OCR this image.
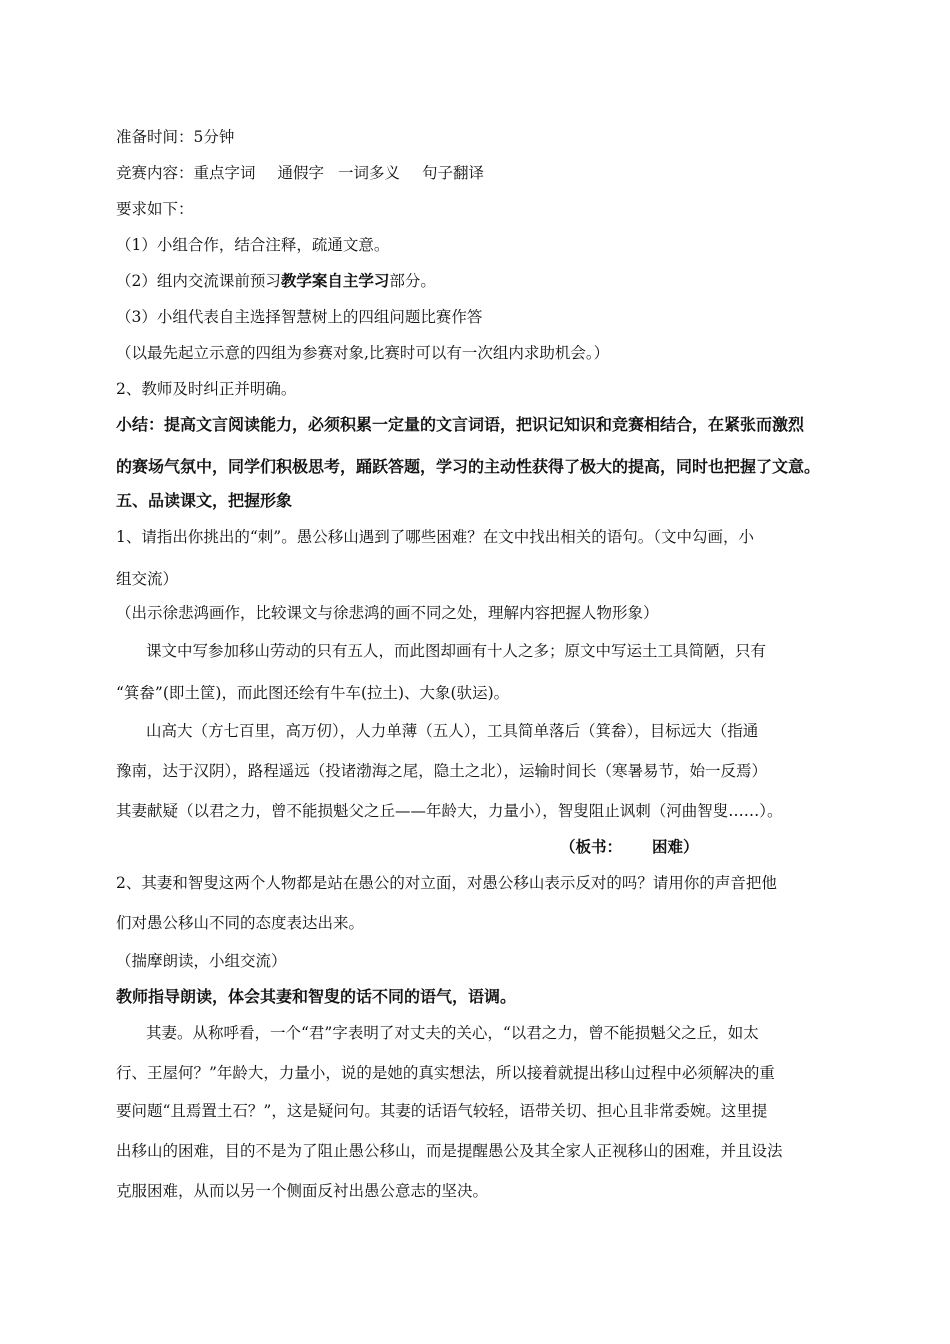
准备时间：5分钟
竞赛内容：重点字词 通假字 一词多义 句子翻译
要求如下：
（1）小组合作，结合注释，疏通文意。
（2）组内交流课前预习教学案自主学习部分。
（3）小组代表自主选择智慧树上的四组问题比赛作答
（以最先起立示意的四组为参赛对象,比赛时可以有一次组内求助机会。）
2、教师及时纠正并明确。
小结：提高文言阅读能力，必须积累一定量的文言词语，把识记知识和竞赛相结合，在紧张而激烈
的赛场气氛中，同学们积极思考，踊跃答题，学习的主动性获得了极大的提高，同时也把握了文意。
五、品读课文，把握形象
1、请指出你挑出的“刺”。愚公移山遇到了哪些困难？在文中找出相关的语句。（文中勾画，小
组交流）
（出示徐悲鸿画作，比较课文与徐悲鸿的画不同之处，理解内容把握人物形象）
课文中写参加移山劳动的只有五人，而此图却画有十人之多；原文中写运土工具简陋，只有
“箕畚”(即土筐)，而此图还绘有牛车(拉土)、大象(驮运)。
山高大（方七百里，高万仞），人力单薄（五人），工具简单落后（箕畚），目标远大（指通
豫南，达于汉阴），路程遥远（投诸渤海之尾，隐土之北），运输时间长（寒暑易节，始一反焉）
其妻献疑（以君之力，曾不能损魁父之丘——年龄大，力量小），智叟阻止讽刺（河曲智叟……）。
（板书： 困难）
2、其妻和智叟这两个人物都是站在愚公的对立面，对愚公移山表示反对的吗？请用你的声音把他
们对愚公移山不同的态度表达出来。
（揣摩朗读，小组交流）
教师指导朗读，体会其妻和智叟的话不同的语气，语调。
其妻。从称呼看，一个“君”字表明了对丈夫的关心，“以君之力，曾不能损魁父之丘，如太
行、王屋何？”年龄大，力量小，说的是她的真实想法，所以接着就提出移山过程中必须解决的重
要问题“且焉置土石？”，这是疑问句。其妻的话语气较轻，语带关切、担心且非常委婉。这里提
出移山的困难，目的不是为了阻止愚公移山，而是提醒愚公及其全家人正视移山的困难，并且设法
克服困难，从而以另一个侧面反衬出愚公意志的坚决。
